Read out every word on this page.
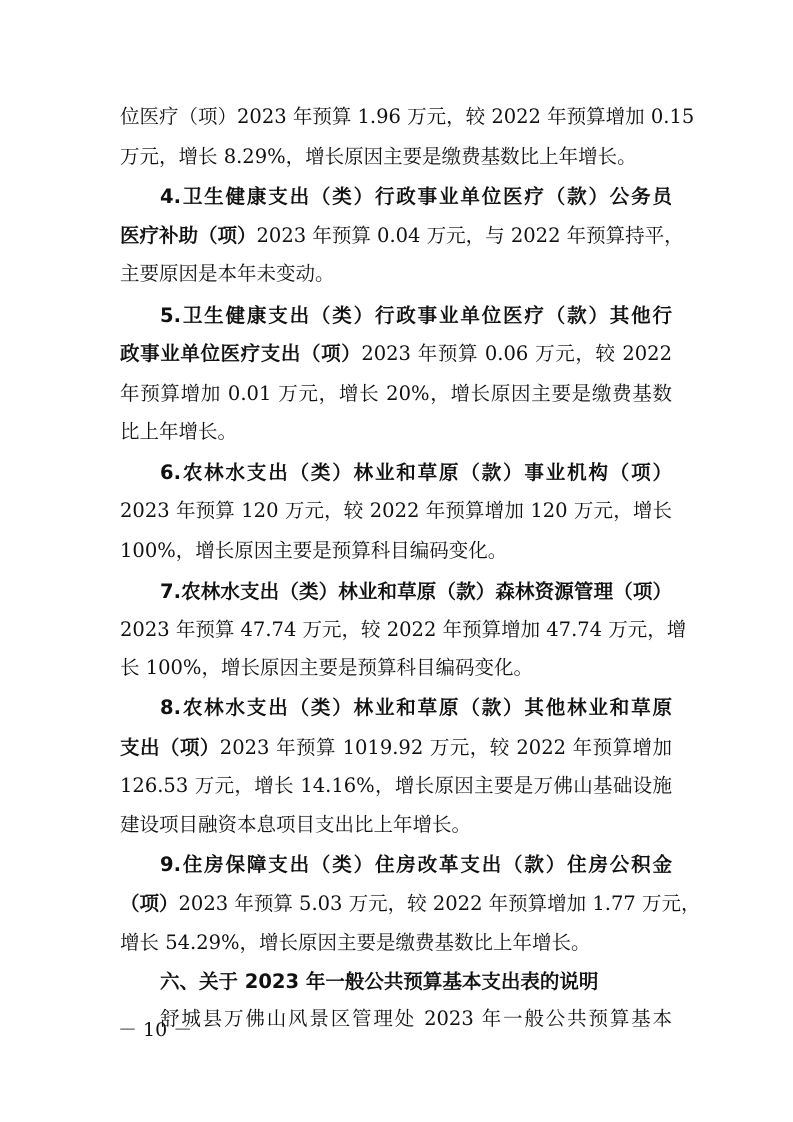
位医疗（项）2023 年预算 1.96 万元，较 2022 年预算增加 0.15
万元，增长 8.29%，增长原因主要是缴费基数比上年增长。
4.卫生健康支出（类）行政事业单位医疗（款）公务员
医疗补助（项）2023 年预算 0.04 万元，与 2022 年预算持平，
主要原因是本年未变动。
5.卫生健康支出（类）行政事业单位医疗（款）其他行
政事业单位医疗支出（项）2023 年预算 0.06 万元，较 2022
年预算增加 0.01 万元，增长 20%，增长原因主要是缴费基数
比上年增长。
6.农林水支出（类）林业和草原（款）事业机构（项）
2023 年预算 120 万元，较 2022 年预算增加 120 万元，增长
100%，增长原因主要是预算科目编码变化。
7.农林水支出（类）林业和草原（款）森林资源管理（项）
2023 年预算 47.74 万元，较 2022 年预算增加 47.74 万元，增
长 100%，增长原因主要是预算科目编码变化。
8.农林水支出（类）林业和草原（款）其他林业和草原
支出（项）2023 年预算 1019.92 万元，较 2022 年预算增加
126.53 万元，增长 14.16%，增长原因主要是万佛山基础设施
建设项目融资本息项目支出比上年增长。
9.住房保障支出（类）住房改革支出（款）住房公积金
（项）2023 年预算 5.03 万元，较 2022 年预算增加 1.77 万元，
增长 54.29%，增长原因主要是缴费基数比上年增长。
六、关于 2023 年一般公共预算基本支出表的说明
舒城县万佛山风景区管理处 2023 年一般公共预算基本
－ 10 －
